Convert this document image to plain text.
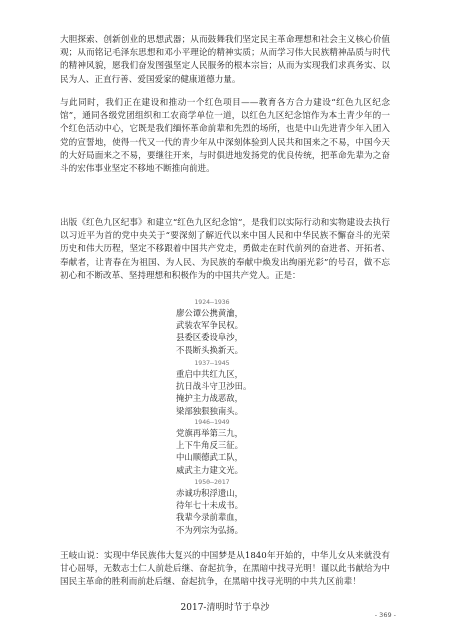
大胆探索、创新创业的思想武器；从而鼓舞我们坚定民主革命理想和社会主义核心价值观；从而铭记毛泽东思想和邓小平理论的精神实质；从而学习伟大民族精神品质与时代的精神风貌，愿我们奋发图强坚定人民服务的根本宗旨；从而为实现我们求真务实、以民为人、正直行善、爱国爱家的健康道德力量。

与此同时，我们正在建设和推动一个红色项目——教育各方合力建设“红色九区纪念馆”，通同各级党团组织和工农商学单位一道，以红色九区纪念馆作为本土青少年的一个红色活动中心，它既是我们缅怀革命前辈和先烈的场所，也是中山先进青少年入团入党的宣誓地，使得一代又一代的青少年从中深刻体验到人民共和国来之不易，中国今天的大好局面来之不易，要继往开来，与时俱进地发扬党的优良传统，把革命先辈为之奋斗的宏伟事业坚定不移地不断推向前进。

出版《红色九区纪事》和建立“红色九区纪念馆”，是我们以实际行动和实物建设去执行以习近平为首的党中央关于“要深刻了解近代以来中国人民和中华民族不懈奋斗的光荣历史和伟大历程，坚定不移跟着中国共产党走，勇做走在时代前列的奋进者、开拓者、奉献者，让青春在为祖国、为人民、为民族的奉献中焕发出绚丽光彩”的号召，做不忘初心和不断改革、坚持理想和积极作为的中国共产党人。正是：

1924—1936
廖公谭公携黄瀹，
武装农军争民权。
县委区委设阜沙，
不畏断头换新天。
1937—1945
重启中共红九区，
抗日战斗守卫沙田。
掩护主力战恶敌，
梁部独狠独南头。
1946—1949
党旗再举第三九，
上下牛角反三征。
中山顺德武工队，
威武主力建文光。
1950—2017
赤诚功积浮遗山，
待年七十未成书。
我辈今录前辈血，
不为列宗为弘扬。

王岐山说：实现中华民族伟大复兴的中国梦是从1840年开始的，中华儿女从来就没有甘心屈辱，无数志士仁人前赴后继、奋起抗争，在黑暗中找寻光明！谨以此书献给为中国民主革命的胜利而前赴后继、奋起抗争，在黑暗中找寻光明的中共九区前辈！

2017-清明时节于阜沙
- 369 -
